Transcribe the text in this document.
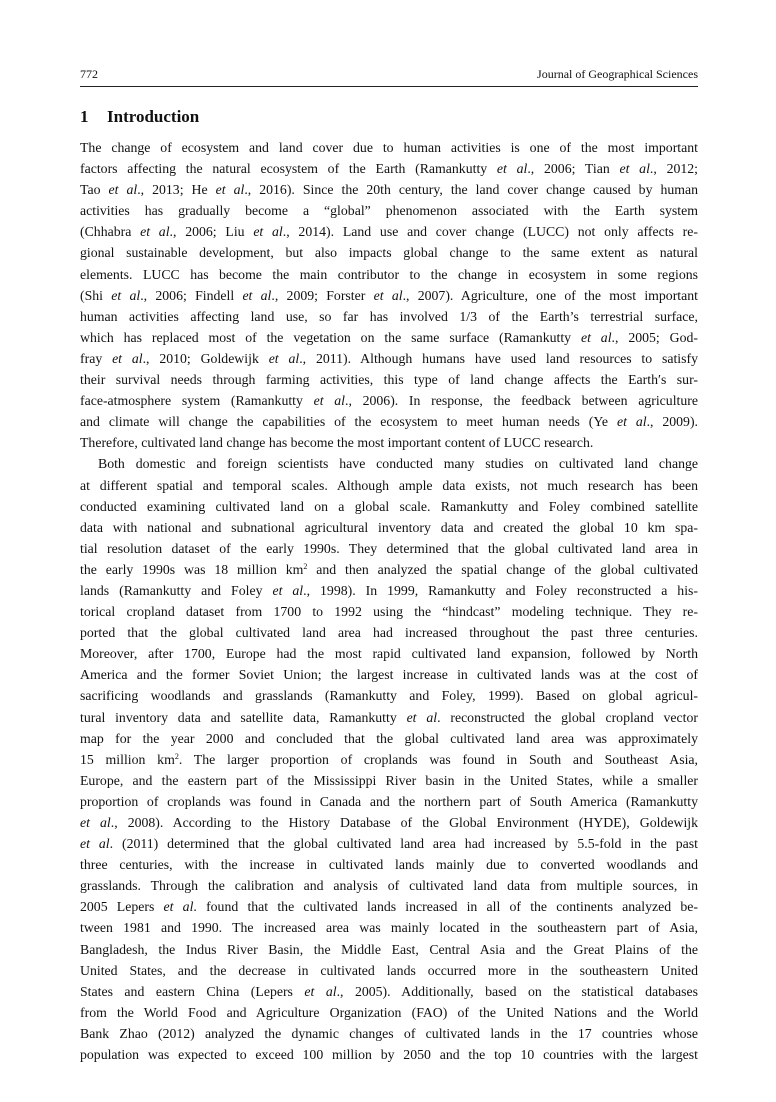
772	Journal of Geographical Sciences
1 Introduction

The change of ecosystem and land cover due to human activities is one of the most important
factors affecting the natural ecosystem of the Earth (Ramankutty et al., 2006; Tian et al., 2012;
Tao et al., 2013; He et al., 2016). Since the 20th century, the land cover change caused by human
activities has gradually become a “global” phenomenon associated with the Earth system
(Chhabra et al., 2006; Liu et al., 2014). Land use and cover change (LUCC) not only affects re-
gional sustainable development, but also impacts global change to the same extent as natural
elements. LUCC has become the main contributor to the change in ecosystem in some regions
(Shi et al., 2006; Findell et al., 2009; Forster et al., 2007). Agriculture, one of the most important
human activities affecting land use, so far has involved 1/3 of the Earth’s terrestrial surface,
which has replaced most of the vegetation on the same surface (Ramankutty et al., 2005; God-
fray et al., 2010; Goldewijk et al., 2011). Although humans have used land resources to satisfy
their survival needs through farming activities, this type of land change affects the Earth′s sur-
face-atmosphere system (Ramankutty et al., 2006). In response, the feedback between agriculture
and climate will change the capabilities of the ecosystem to meet human needs (Ye et al., 2009).
Therefore, cultivated land change has become the most important content of LUCC research.

Both domestic and foreign scientists have conducted many studies on cultivated land change
at different spatial and temporal scales. Although ample data exists, not much research has been
conducted examining cultivated land on a global scale. Ramankutty and Foley combined satellite
data with national and subnational agricultural inventory data and created the global 10 km spa-
tial resolution dataset of the early 1990s. They determined that the global cultivated land area in
the early 1990s was 18 million $km^2$ and then analyzed the spatial change of the global cultivated
lands (Ramankutty and Foley et al., 1998). In 1999, Ramankutty and Foley reconstructed a his-
torical cropland dataset from 1700 to 1992 using the “hindcast” modeling technique. They re-
ported that the global cultivated land area had increased throughout the past three centuries.
Moreover, after 1700, Europe had the most rapid cultivated land expansion, followed by North
America and the former Soviet Union; the largest increase in cultivated lands was at the cost of
sacrificing woodlands and grasslands (Ramankutty and Foley, 1999). Based on global agricul-
tural inventory data and satellite data, Ramankutty et al. reconstructed the global cropland vector
map for the year 2000 and concluded that the global cultivated land area was approximately
15 million $km^2$. The larger proportion of croplands was found in South and Southeast Asia,
Europe, and the eastern part of the Mississippi River basin in the United States, while a smaller
proportion of croplands was found in Canada and the northern part of South America (Ramankutty
et al., 2008). According to the History Database of the Global Environment (HYDE), Goldewijk
et al. (2011) determined that the global cultivated land area had increased by 5.5-fold in the past
three centuries, with the increase in cultivated lands mainly due to converted woodlands and
grasslands. Through the calibration and analysis of cultivated land data from multiple sources, in
2005 Lepers et al. found that the cultivated lands increased in all of the continents analyzed be-
tween 1981 and 1990. The increased area was mainly located in the southeastern part of Asia,
Bangladesh, the Indus River Basin, the Middle East, Central Asia and the Great Plains of the
United States, and the decrease in cultivated lands occurred more in the southeastern United
States and eastern China (Lepers et al., 2005). Additionally, based on the statistical databases
from the World Food and Agriculture Organization (FAO) of the United Nations and the World
Bank Zhao (2012) analyzed the dynamic changes of cultivated lands in the 17 countries whose
population was expected to exceed 100 million by 2050 and the top 10 countries with the largest
